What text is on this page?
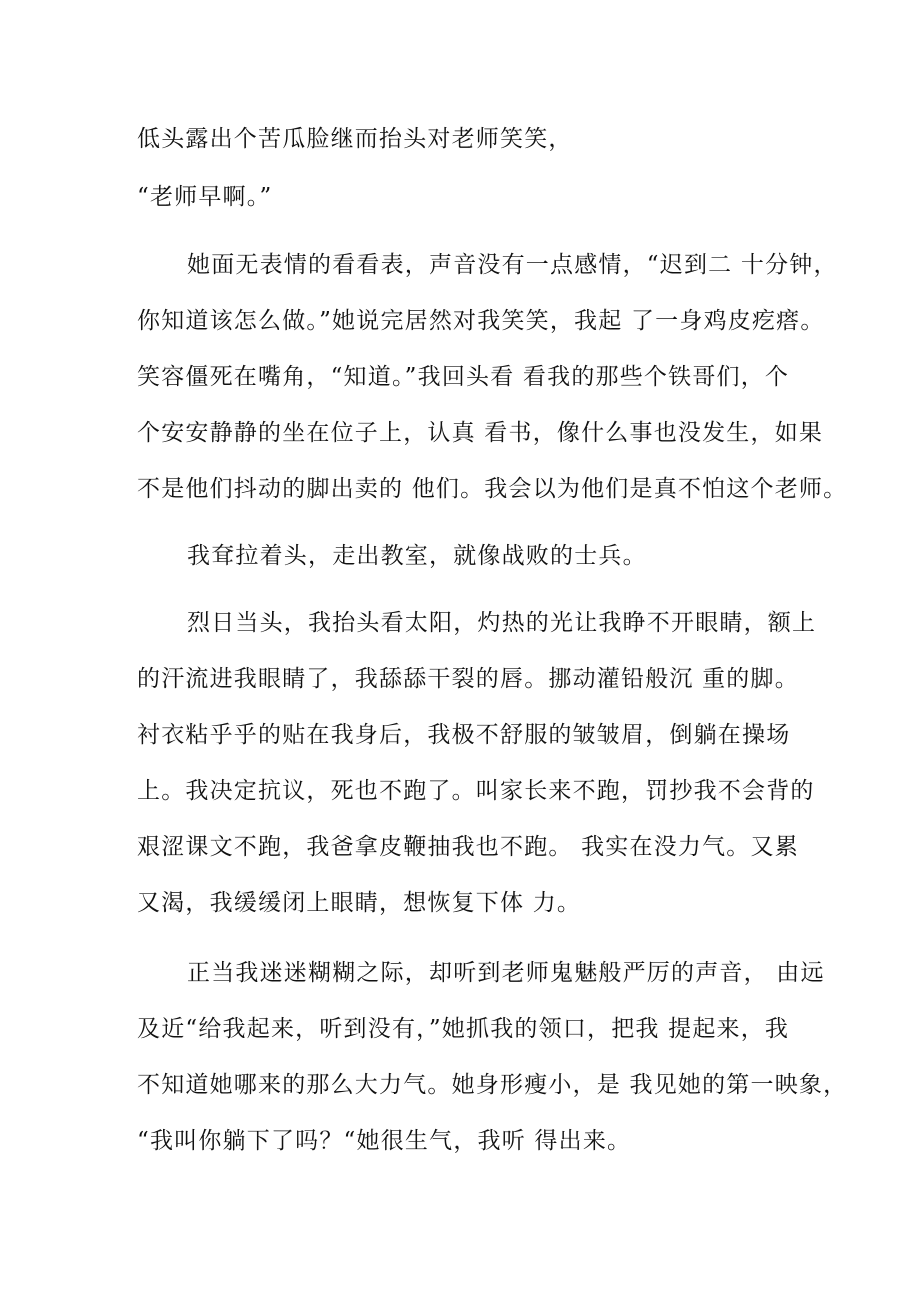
低头露出个苦瓜脸继而抬头对老师笑笑，
“老师早啊。”
她面无表情的看看表，声音没有一点感情，“迟到二 十分钟，
你知道该怎么做。”她说完居然对我笑笑，我起 了一身鸡皮疙瘩。
笑容僵死在嘴角，“知道。”我回头看 看我的那些个铁哥们，个
个安安静静的坐在位子上，认真 看书，像什么事也没发生，如果
不是他们抖动的脚出卖的 他们。我会以为他们是真不怕这个老师。
我耷拉着头，走出教室，就像战败的士兵。
烈日当头，我抬头看太阳，灼热的光让我睁不开眼睛，额上
的汗流进我眼睛了，我舔舔干裂的唇。挪动灌铅般沉 重的脚。
衬衣粘乎乎的贴在我身后，我极不舒服的皱皱眉，倒躺在操场
上。我决定抗议，死也不跑了。叫家长来不跑，罚抄我不会背的
艰涩课文不跑，我爸拿皮鞭抽我也不跑。 我实在没力气。又累
又渴，我缓缓闭上眼睛，想恢复下体 力。
正当我迷迷糊糊之际，却听到老师鬼魅般严厉的声音， 由远
及近“给我起来，听到没有，”她抓我的领口，把我 提起来，我
不知道她哪来的那么大力气。她身形瘦小，是 我见她的第一映象，
“我叫你躺下了吗？“她很生气，我听 得出来。
